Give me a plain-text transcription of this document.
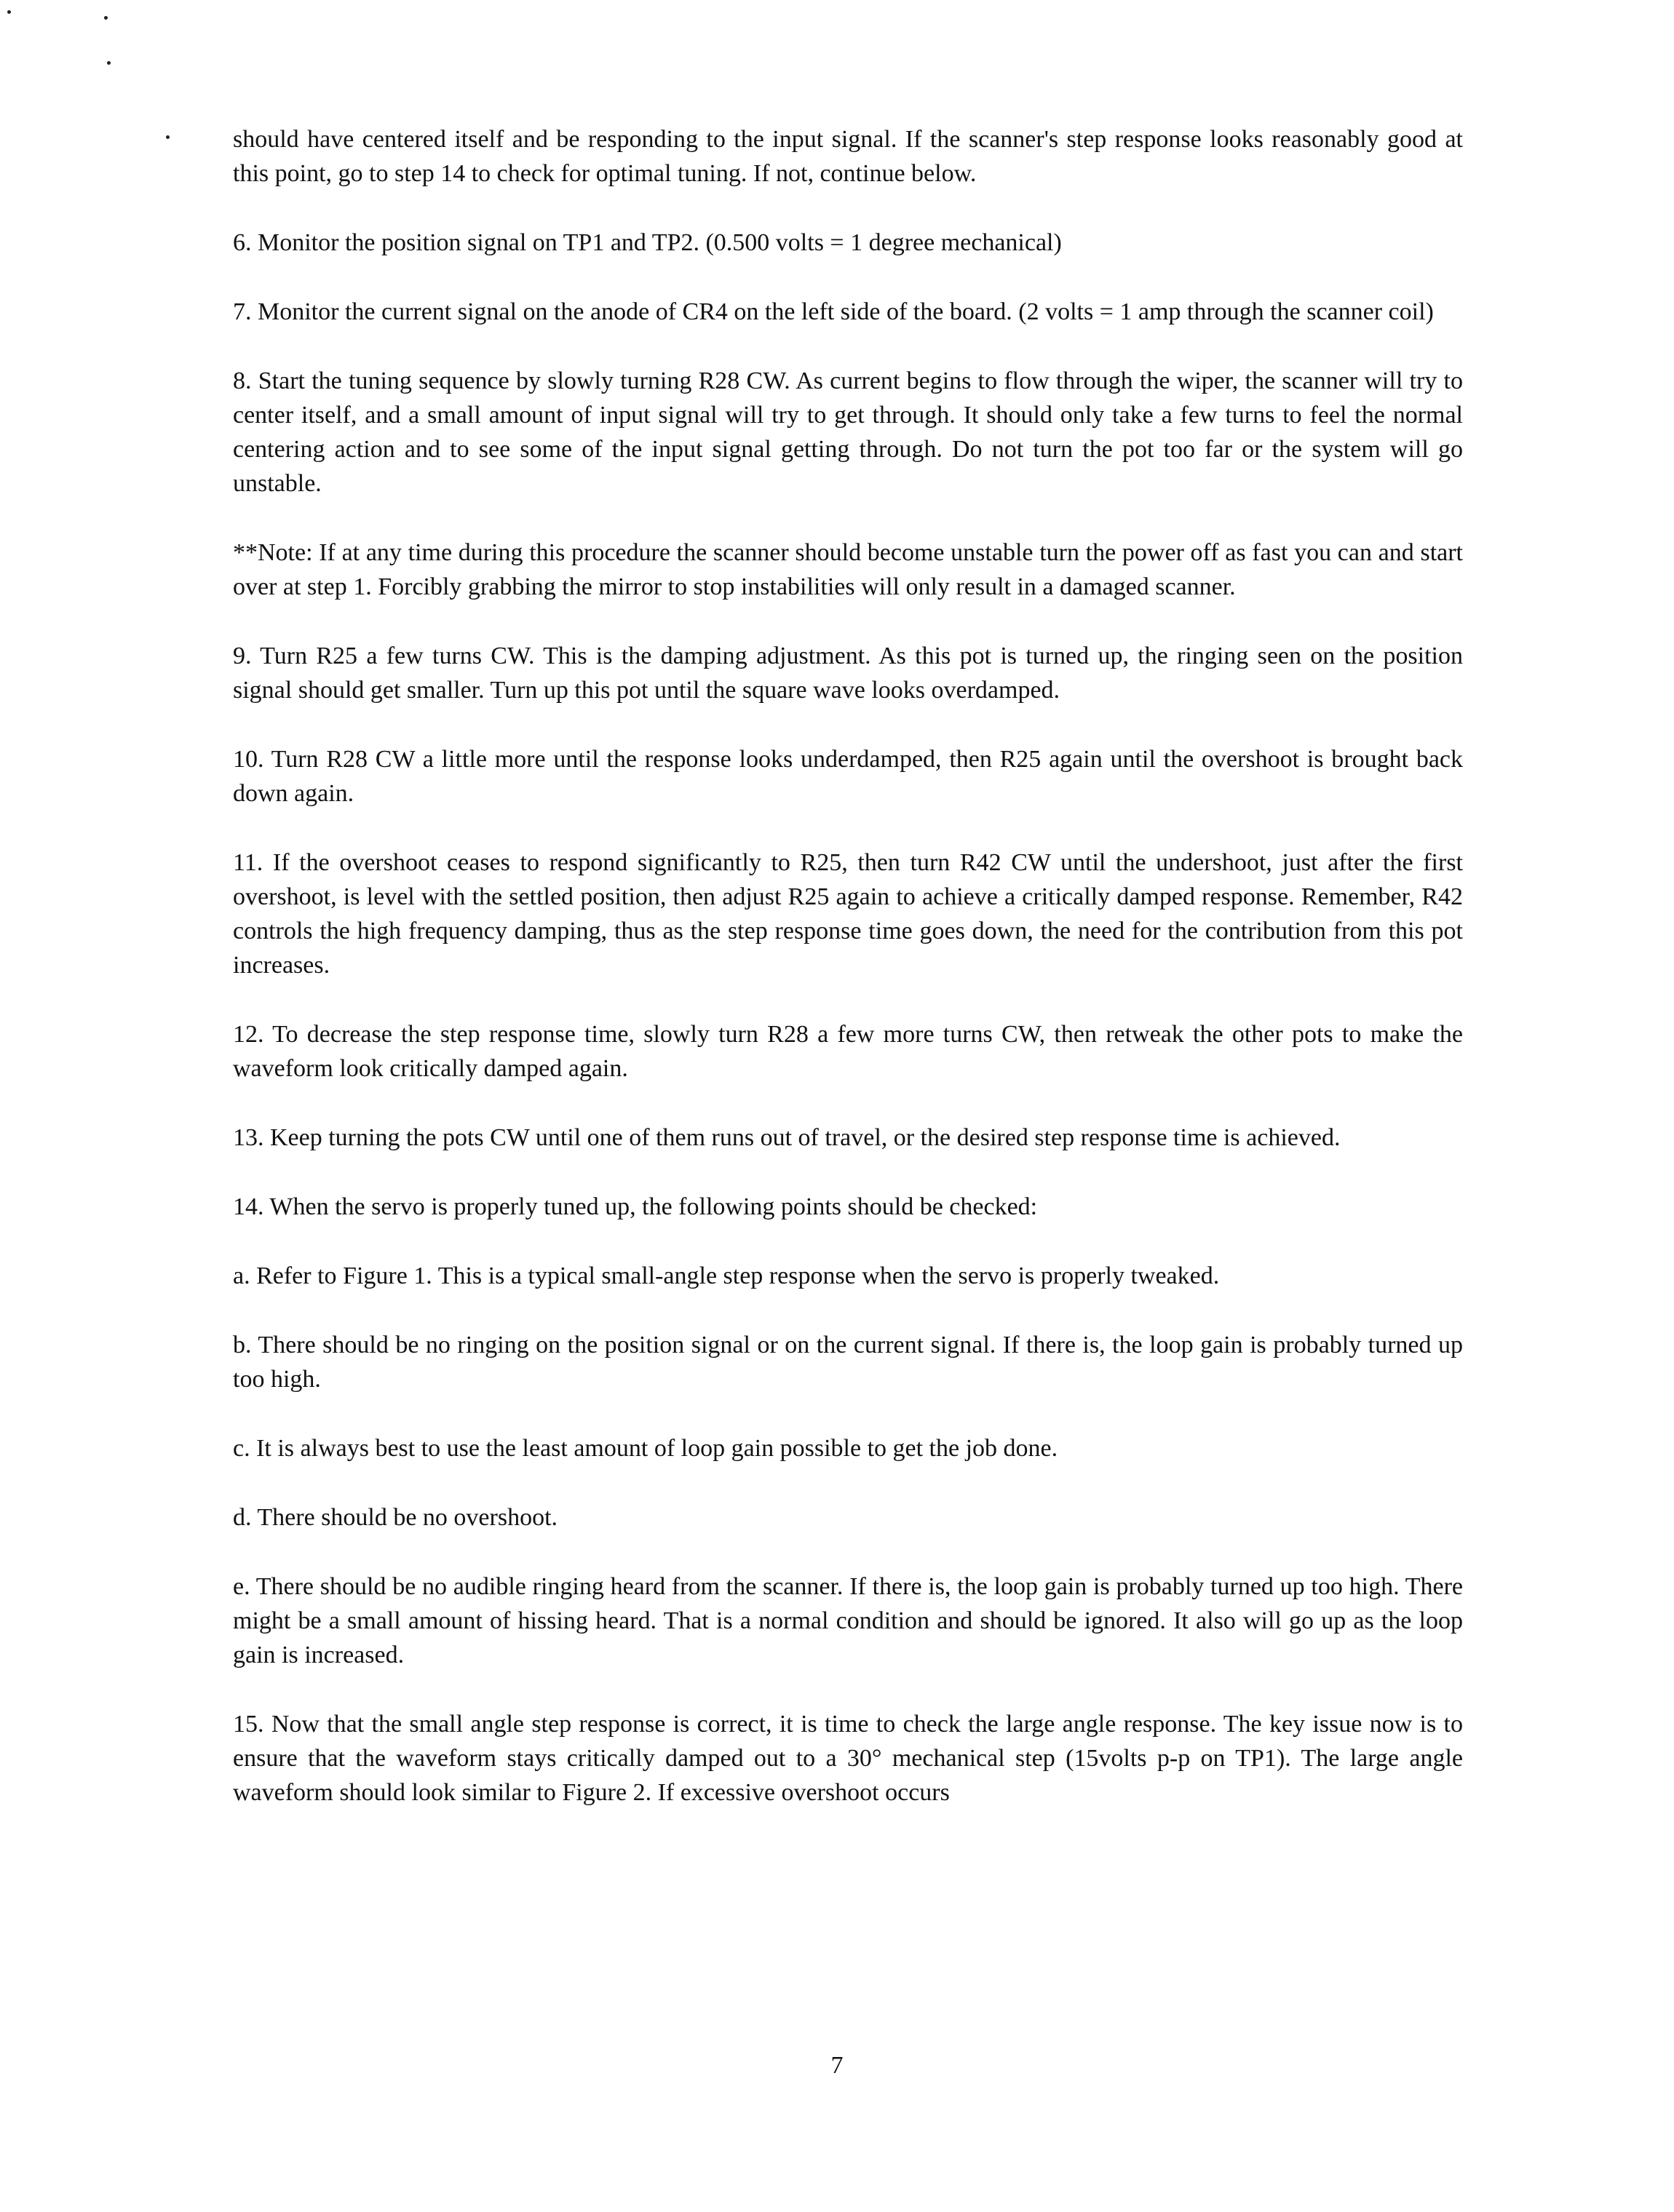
should have centered itself and be responding to the input signal. If the scanner's step response looks reasonably good at this point, go to step 14 to check for optimal tuning. If not, continue below.

6. Monitor the position signal on TP1 and TP2. (0.500 volts = 1 degree mechanical)

7. Monitor the current signal on the anode of CR4 on the left side of the board. (2 volts = 1 amp through the scanner coil)

8. Start the tuning sequence by slowly turning R28 CW. As current begins to flow through the wiper, the scanner will try to center itself, and a small amount of input signal will try to get through. It should only take a few turns to feel the normal centering action and to see some of the input signal getting through. Do not turn the pot too far or the system will go unstable.

**Note: If at any time during this procedure the scanner should become unstable turn the power off as fast you can and start over at step 1. Forcibly grabbing the mirror to stop instabilities will only result in a damaged scanner.

9. Turn R25 a few turns CW. This is the damping adjustment. As this pot is turned up, the ringing seen on the position signal should get smaller. Turn up this pot until the square wave looks overdamped.

10. Turn R28 CW a little more until the response looks underdamped, then R25 again until the overshoot is brought back down again.

11. If the overshoot ceases to respond significantly to R25, then turn R42 CW until the undershoot, just after the first overshoot, is level with the settled position, then adjust R25 again to achieve a critically damped response. Remember, R42 controls the high frequency damping, thus as the step response time goes down, the need for the contribution from this pot increases.

12. To decrease the step response time, slowly turn R28 a few more turns CW, then retweak the other pots to make the waveform look critically damped again.

13. Keep turning the pots CW until one of them runs out of travel, or the desired step response time is achieved.

14. When the servo is properly tuned up, the following points should be checked:

a. Refer to Figure 1. This is a typical small-angle step response when the servo is properly tweaked.

b. There should be no ringing on the position signal or on the current signal. If there is, the loop gain is probably turned up too high.

c. It is always best to use the least amount of loop gain possible to get the job done.

d. There should be no overshoot.

e. There should be no audible ringing heard from the scanner. If there is, the loop gain is probably turned up too high. There might be a small amount of hissing heard. That is a normal condition and should be ignored. It also will go up as the loop gain is increased.

15. Now that the small angle step response is correct, it is time to check the large angle response. The key issue now is to ensure that the waveform stays critically damped out to a 30° mechanical step (15volts p-p on TP1). The large angle waveform should look similar to Figure 2. If excessive overshoot occurs

7
